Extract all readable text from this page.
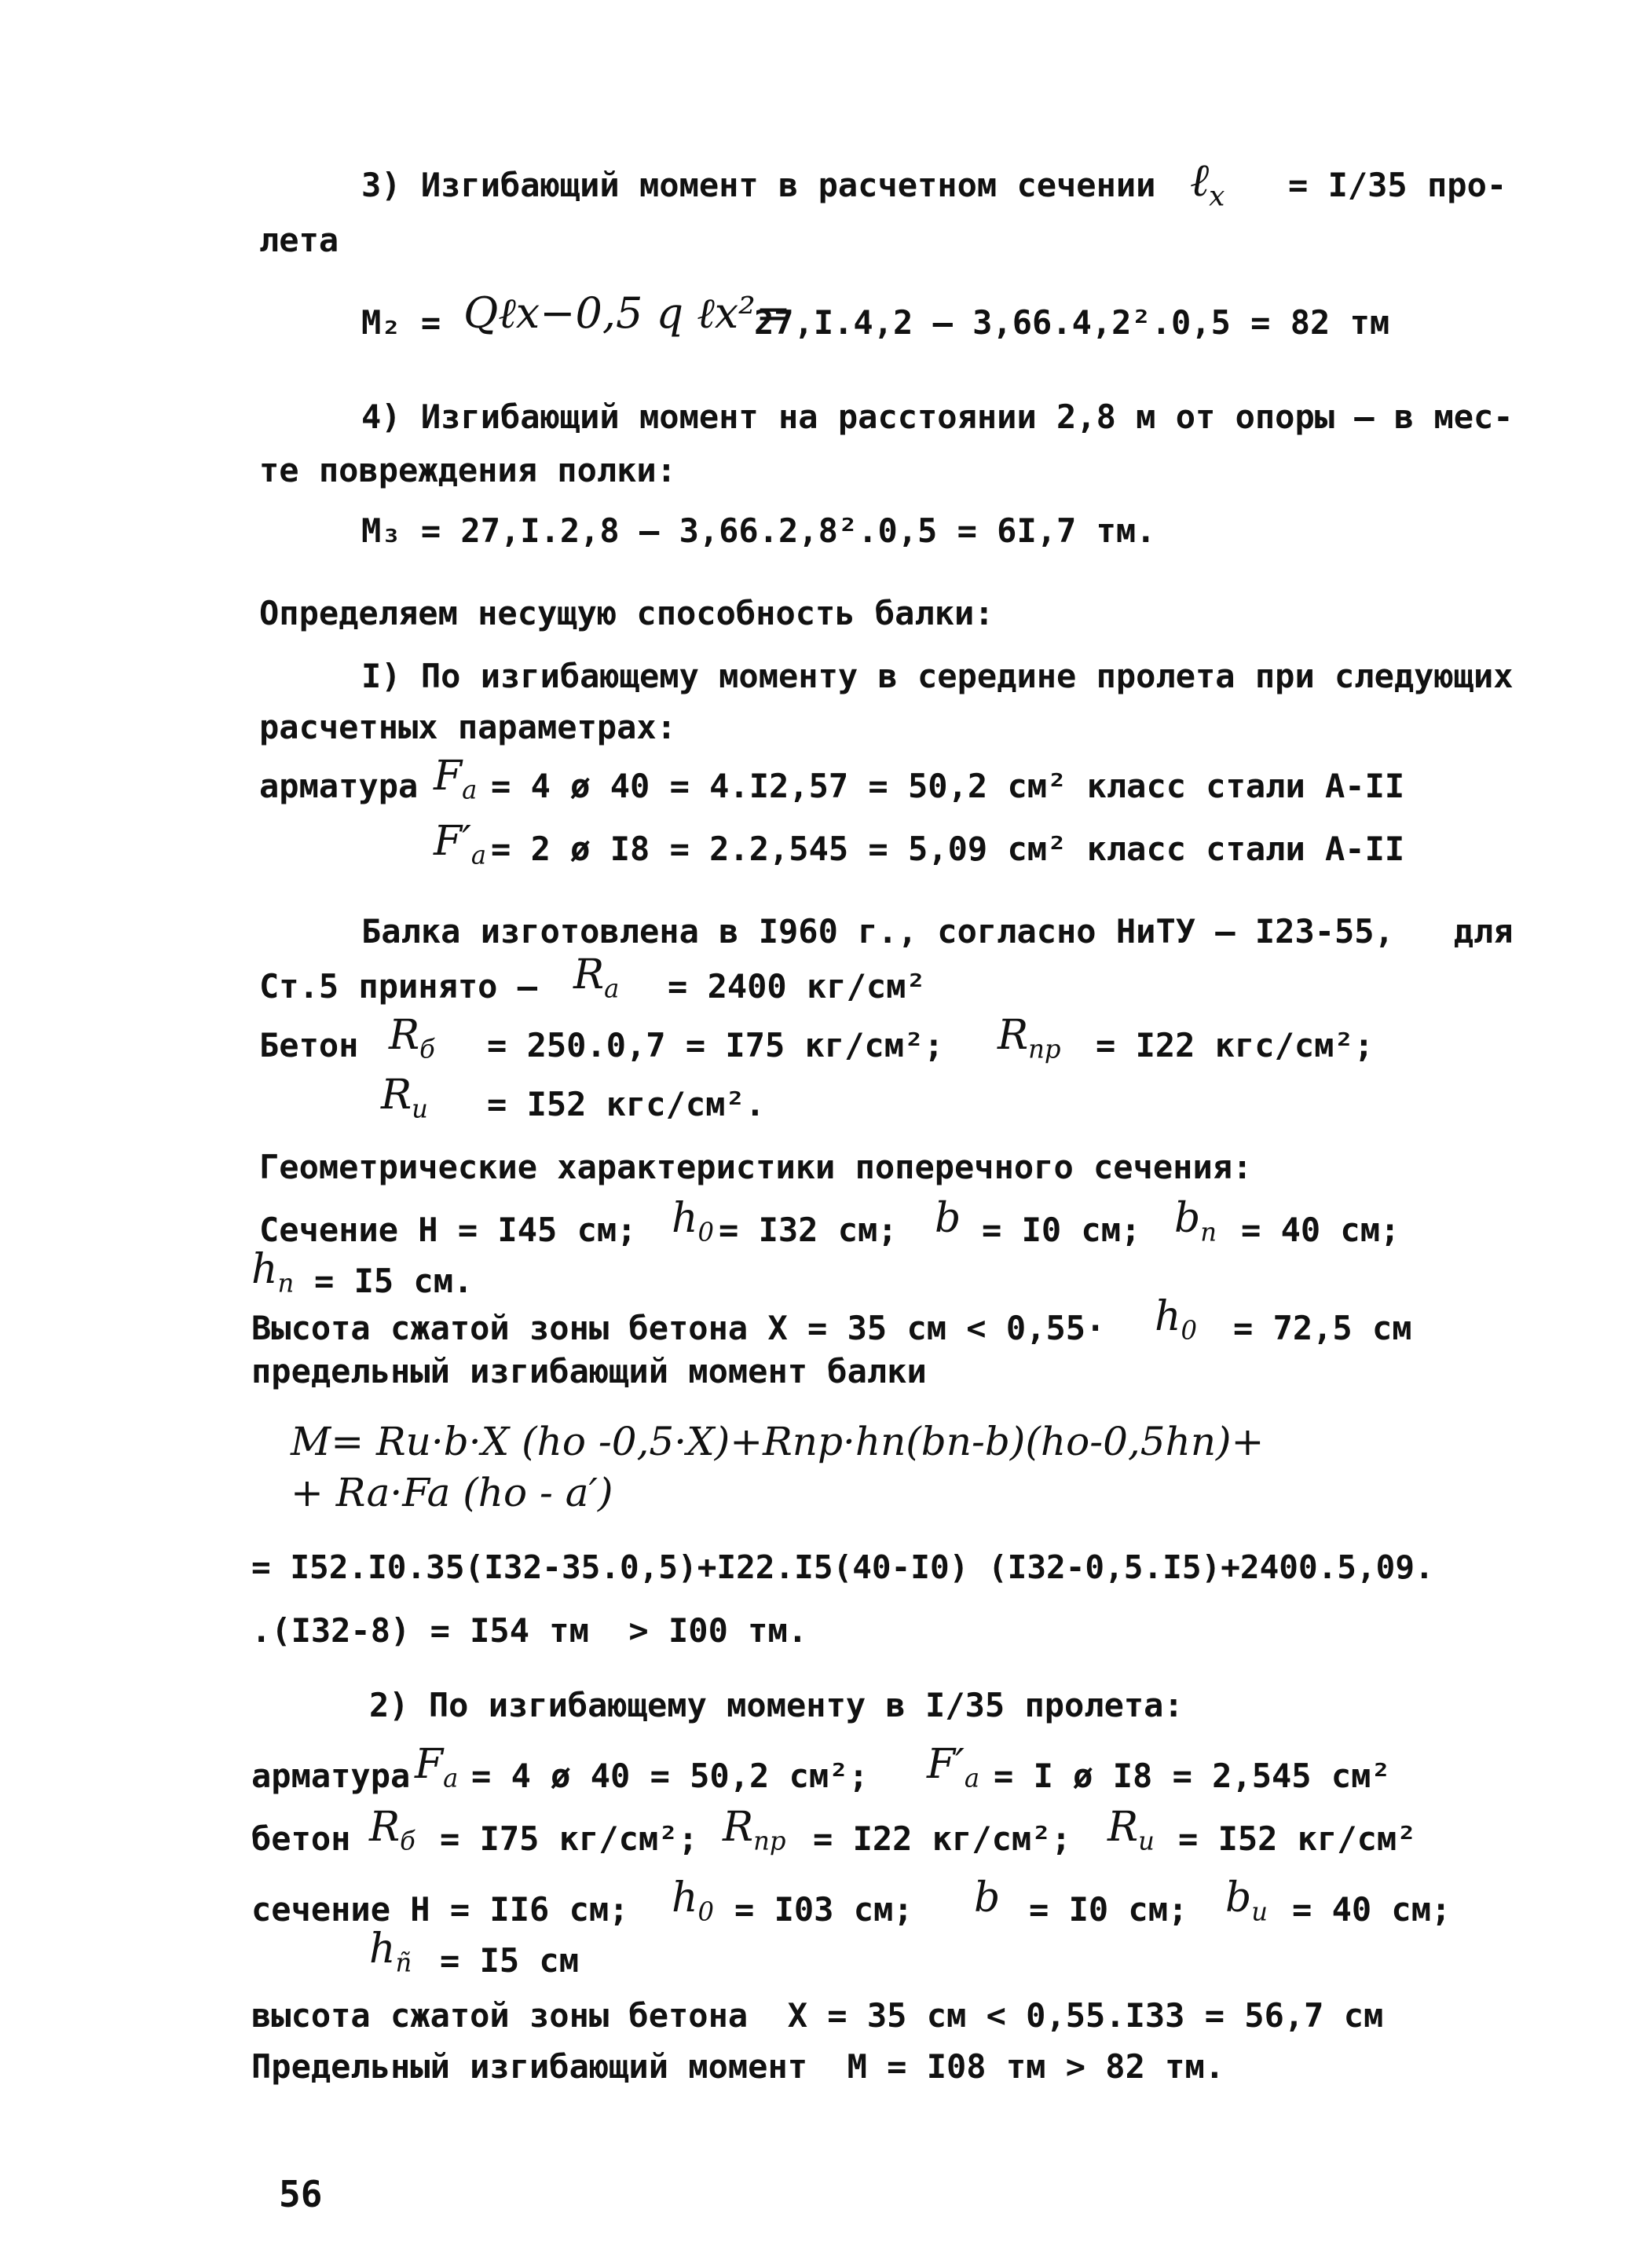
3) Изгибающий момент в расчетном сечении ℓ$_x$ = I/35 про-
лета
M₂ = Qℓx−0,5 q ℓx²=
27,I.4,2 – 3,66.4,2².0,5 = 82 тм
4) Изгибающий момент на расстоянии 2,8 м от опоры – в мес-
те повреждения полки:
M₃ = 27,I.2,8 – 3,66.2,8².0,5 = 6I,7 тм.
Определяем несущую способность балки:
I) По изгибающему моменту в середине пролета при следующих
расчетных параметрах:
арматура $F_a = 4$ ø 40 = 4.I2,57 = 50,2 см² класс стали А-II
$F'_a = 2$ ø I8 = 2.2,545 = 5,09 см² класс стали А-II
Балка изготовлена в I960 г., согласно НиТУ – I23-55,   для
Ст.5 принято – $R_a = 2400$ кг/см²
Бетон $R_б = 250.0,7 = I75$ кг/см²; $R_{пр} = I22$ кгс/см²;
$R_u = I52$ кгс/см².
Геометрические характеристики поперечного сечения:
Сечение H = I45 см; $h_0 = I32$ см; b = I0 см; $b_n = 40$ см;
$h_n = I5$ см.
Высота сжатой зоны бетона X = 35 см < $0,55\cdot h_0 = 72,5$ см
предельный изгибающий момент балки
M= Ru·b·X (ho -0,5·X)+Rnp·hn(bn-b)(ho-0,5hn)+
+ Ra·Fa (ho - a′)
= I52.I0.35(I32-35.0,5)+I22.I5(40-I0) (I32-0,5.I5)+2400.5,09.
.(I32-8) = I54 тм  > I00 тм.
2) По изгибающему моменту в I/35 пролета:
арматура $F_a = 4$ ø 40 = 50,2 см²; $F'_a = I$ ø I8 = 2,545 см²
бетон $R_б = I75$ кг/см²; $R_{пр} = I22$ кг/см²; $R_u = I52$ кг/см²
сечение H = II6 см; $h_0 = I03$ см; b = I0 см; $b_u = 40$ см;
$h_ñ = I5$ см
высота сжатой зоны бетона  X = 35 см < 0,55.I33 = 56,7 см
Предельный изгибающий момент  M = I08 тм > 82 тм.
56
